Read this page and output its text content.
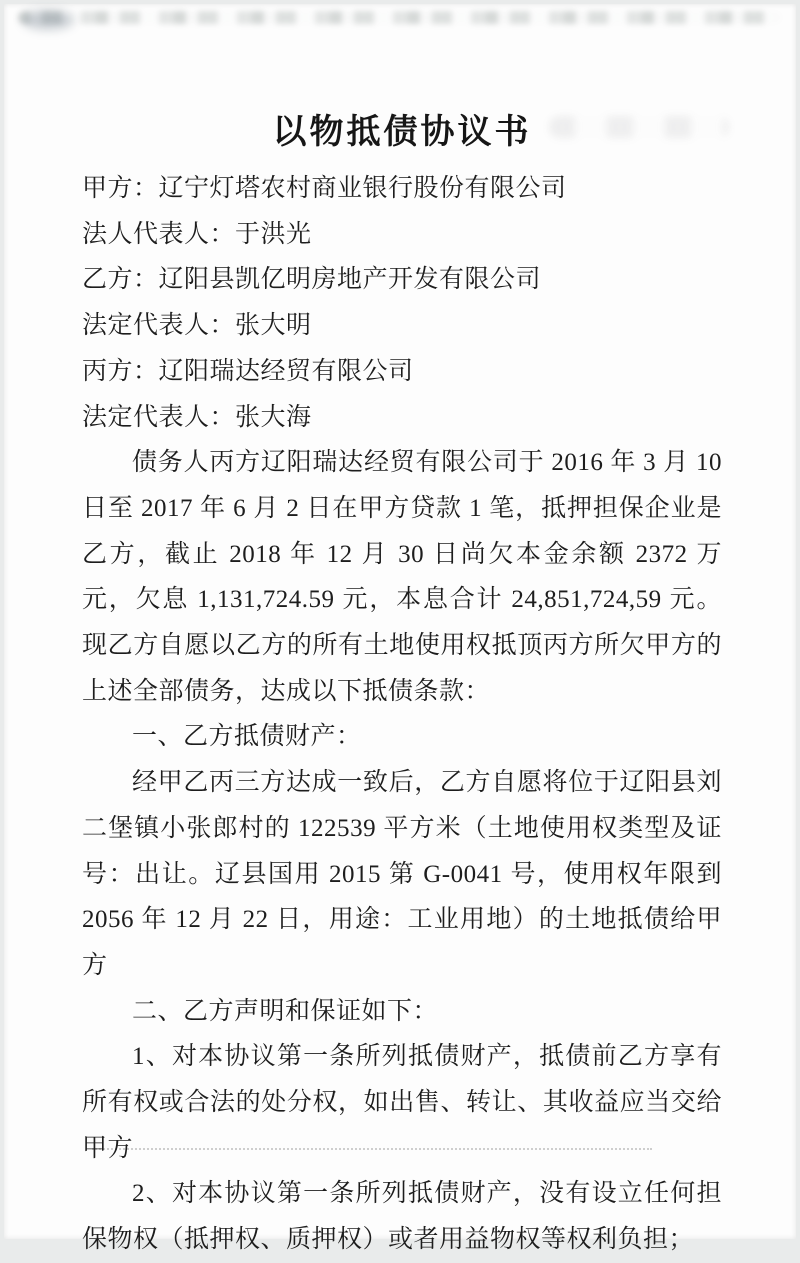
以物抵债协议书

甲方：辽宁灯塔农村商业银行股份有限公司

法人代表人：于洪光

乙方：辽阳县凯亿明房地产开发有限公司

法定代表人：张大明

丙方：辽阳瑞达经贸有限公司

法定代表人：张大海

债务人丙方辽阳瑞达经贸有限公司于 2016 年 3 月 10 日至 2017 年 6 月 2 日在甲方贷款 1 笔，抵押担保企业是乙方，截止 2018 年 12 月 30 日尚欠本金余额 2372 万元，欠息 1,131,724.59 元，本息合计 24,851,724,59 元。现乙方自愿以乙方的所有土地使用权抵顶丙方所欠甲方的上述全部债务，达成以下抵债条款：

一、乙方抵债财产：

经甲乙丙三方达成一致后，乙方自愿将位于辽阳县刘二堡镇小张郎村的 122539 平方米（土地使用权类型及证号：出让。辽县国用 2015 第 G-0041 号，使用权年限到 2056 年 12 月 22 日，用途：工业用地）的土地抵债给甲方

二、乙方声明和保证如下：

1、对本协议第一条所列抵债财产，抵债前乙方享有所有权或合法的处分权，如出售、转让、其收益应当交给甲方

2、对本协议第一条所列抵债财产，没有设立任何担保物权（抵押权、质押权）或者用益物权等权利负担；
